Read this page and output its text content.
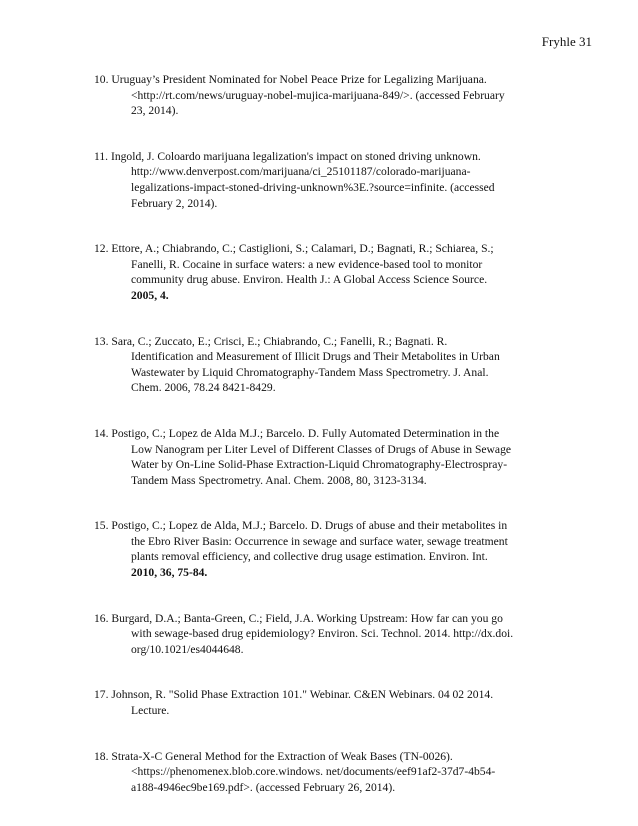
Fryhle 31
10. Uruguay’s President Nominated for Nobel Peace Prize for Legalizing Marijuana.
<http://rt.com/news/uruguay-nobel-mujica-marijuana-849/>. (accessed February
23, 2014).
11. Ingold, J. Coloardo marijuana legalization's impact on stoned driving unknown.
http://www.denverpost.com/marijuana/ci_25101187/colorado-marijuana-
legalizations-impact-stoned-driving-unknown%3E.?source=infinite. (accessed
February 2, 2014).
12. Ettore, A.; Chiabrando, C.; Castiglioni, S.; Calamari, D.; Bagnati, R.; Schiarea, S.;
Fanelli, R. Cocaine in surface waters: a new evidence-based tool to monitor
community drug abuse. Environ. Health J.: A Global Access Science Source.
2005, 4.
13. Sara, C.; Zuccato, E.; Crisci, E.; Chiabrando, C.; Fanelli, R.; Bagnati. R.
Identification and Measurement of Illicit Drugs and Their Metabolites in Urban
Wastewater by Liquid Chromatography-Tandem Mass Spectrometry. J. Anal.
Chem. 2006, 78.24 8421-8429.
14. Postigo, C.; Lopez de Alda M.J.; Barcelo. D. Fully Automated Determination in the
Low Nanogram per Liter Level of Different Classes of Drugs of Abuse in Sewage
Water by On-Line Solid-Phase Extraction-Liquid Chromatography-Electrospray-
Tandem Mass Spectrometry. Anal. Chem. 2008, 80, 3123-3134.
15. Postigo, C.; Lopez de Alda, M.J.; Barcelo. D. Drugs of abuse and their metabolites in
the Ebro River Basin: Occurrence in sewage and surface water, sewage treatment
plants removal efficiency, and collective drug usage estimation. Environ. Int.
2010, 36, 75-84.
16. Burgard, D.A.; Banta-Green, C.; Field, J.A. Working Upstream: How far can you go
with sewage-based drug epidemiology? Environ. Sci. Technol. 2014. http://dx.doi.
org/10.1021/es4044648.
17. Johnson, R. "Solid Phase Extraction 101." Webinar. C&EN Webinars. 04 02 2014.
Lecture.
18. Strata-X-C General Method for the Extraction of Weak Bases (TN-0026).
<https://phenomenex.blob.core.windows. net/documents/eef91af2-37d7-4b54-
a188-4946ec9be169.pdf>. (accessed February 26, 2014).
